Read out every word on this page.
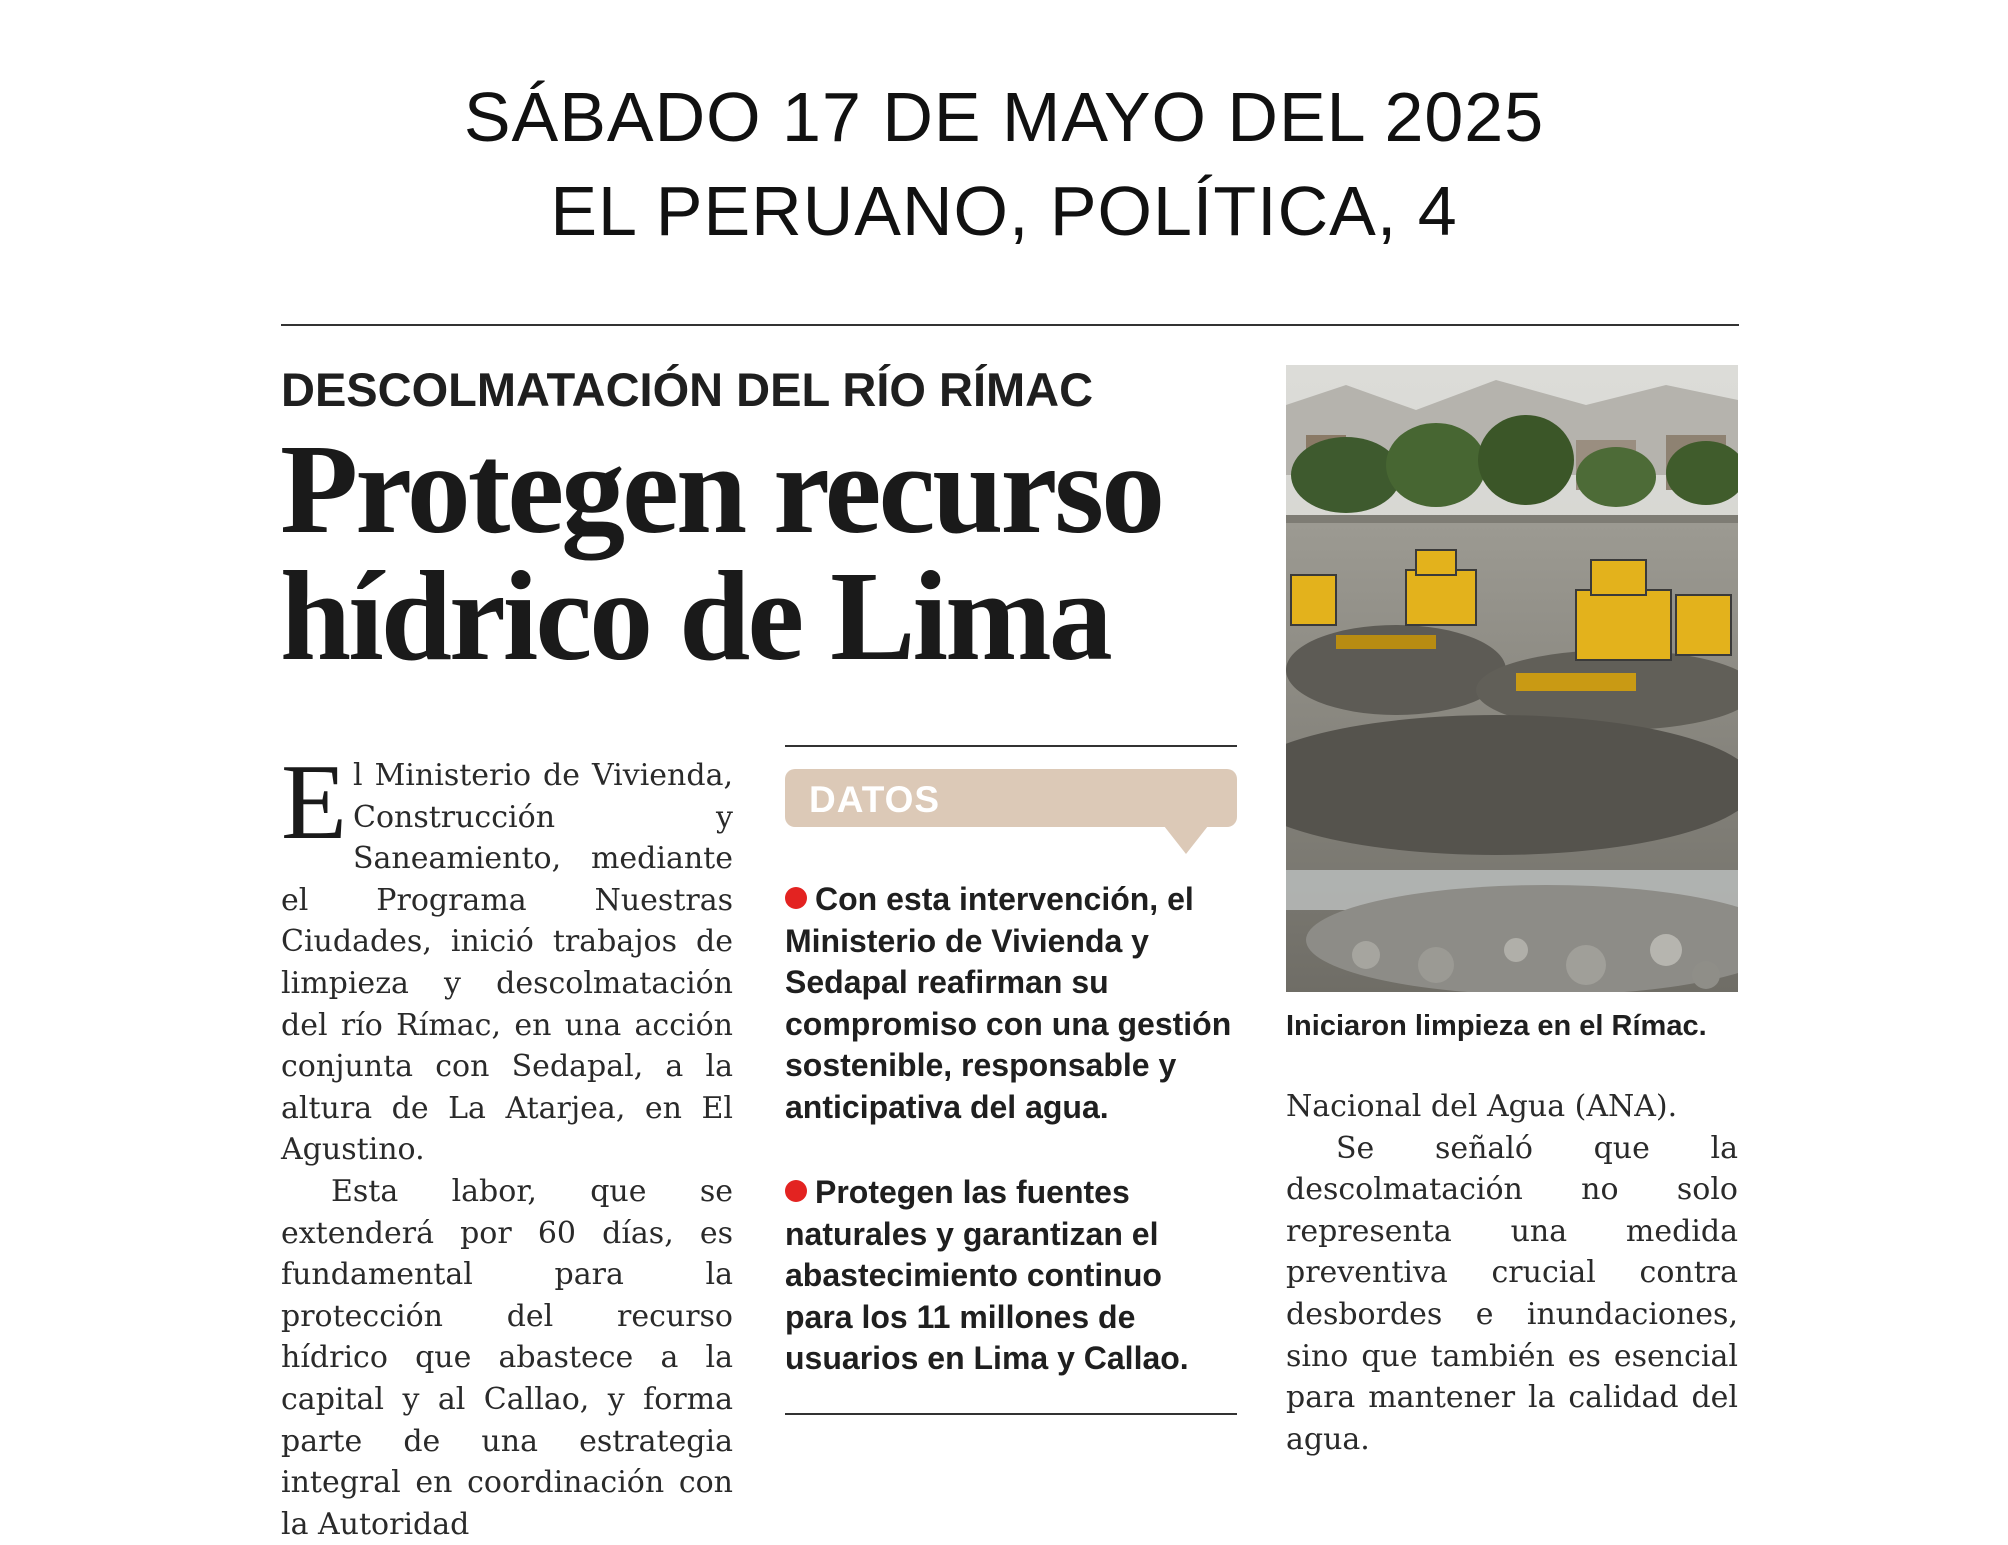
SÁBADO 17 DE MAYO DEL 2025
EL PERUANO, POLÍTICA, 4
DESCOLMATACIÓN DEL RÍO RÍMAC
Protegen recurso
hídrico de Lima

El Ministerio de Vivienda, Construcción y Saneamiento, mediante el Programa Nuestras Ciudades, inició trabajos de limpieza y descolmatación del río Rímac, en una acción conjunta con Sedapal, a la altura de La Atarjea, en El Agustino.

Esta labor, que se extenderá por 60 días, es fundamental para la protección del recurso hídrico que abastece a la capital y al Callao, y forma parte de una estrategia integral en coordinación con la Autoridad

DATOS
Con esta intervención, el Ministerio de Vivienda y Sedapal reafirman su compromiso con una gestión sostenible, responsable y anticipativa del agua.
Protegen las fuentes naturales y garantizan el abastecimiento continuo para los 11 millones de usuarios en Lima y Callao.
Iniciaron limpieza en el Rímac.

Nacional del Agua (ANA).

Se señaló que la descolmatación no solo representa una medida preventiva crucial contra desbordes e inundaciones, sino que también es esencial para mantener la calidad del agua.
